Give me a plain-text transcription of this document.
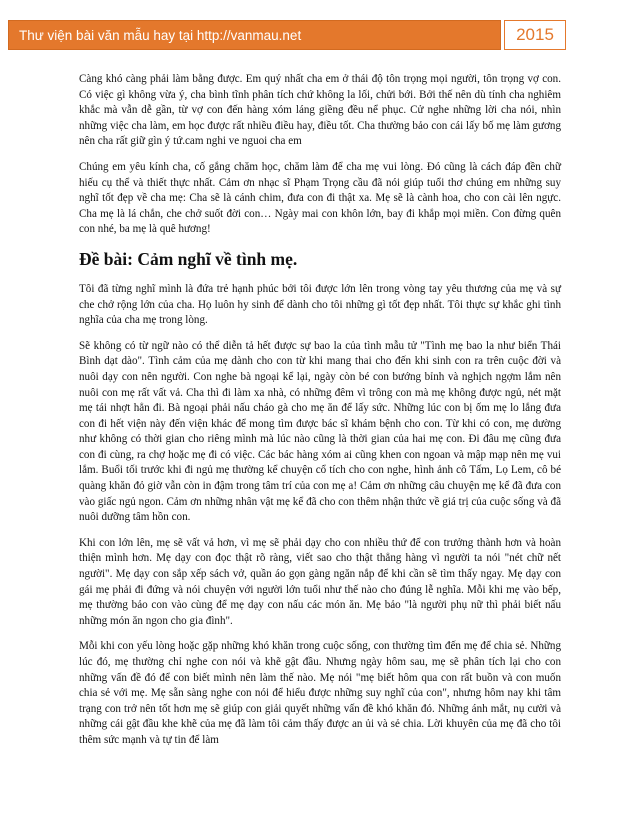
Thư viện bài văn mẫu hay tại http://vanmau.net	2015

Càng khó càng phải làm bằng được. Em quý nhất cha em ở thái độ tôn trọng mọi người, tôn trọng vợ con. Có việc gì không vừa ý, cha bình tĩnh phân tích chứ không la lối, chửi bới. Bởi thế nên dù tính cha nghiêm khắc mà vẫn dễ gần, từ vợ con đến hàng xóm láng giềng đều nể phục. Cử nghe những lời cha nói, nhìn những việc cha làm, em học được rất nhiều điều hay, điều tốt. Cha thường bảo con cái lấy bố mẹ làm gương nên cha rất giữ gìn ý tứ.cam nghi ve nguoi cha em

Chúng em yêu kính cha, cố gắng chăm học, chăm làm để cha mẹ vui lòng. Đó cũng là cách đáp đền chữ hiếu cụ thể và thiết thực nhất. Cảm ơn nhạc sĩ Phạm Trọng cầu đã nói giúp tuổi thơ chúng em những suy nghĩ tốt đẹp về cha mẹ: Cha sẽ là cánh chim, đưa con đi thật xa. Mẹ sẽ là cành hoa, cho con cài lên ngực. Cha mẹ là lá chắn, che chở suốt đời con… Ngày mai con khôn lớn, bay đi khắp mọi miền. Con đừng quên con nhé, ba mẹ là quê hương!

Đề bài: Cảm nghĩ về tình mẹ.

Tôi đã từng nghĩ mình là đứa trẻ hạnh phúc bởi tôi được lớn lên trong vòng tay yêu thương của mẹ và sự che chở rộng lớn của cha. Họ luôn hy sinh để dành cho tôi những gì tốt đẹp nhất. Tôi thực sự khắc ghi tình nghĩa của cha mẹ trong lòng.

Sẽ không có từ ngữ nào có thể diễn tả hết được sự bao la của tình mẫu tử "Tình mẹ bao la như biển Thái Bình dạt dào". Tình cảm của mẹ dành cho con từ khi mang thai cho đến khi sinh con ra trên cuộc đời và nuôi dạy con nên người. Con nghe bà ngoại kể lại, ngày còn bé con bướng bỉnh và nghịch ngợm lắm nên nuôi con mẹ rất vất vả. Cha thì đi làm xa nhà, có những đêm vì trông con mà mẹ không được ngủ, nét mặt mẹ tái nhợt hẳn đi. Bà ngoại phải nấu cháo gà cho mẹ ăn để lấy sức. Những lúc con bị ốm mẹ lo lắng đưa con đi hết viện này đến viện khác để mong tìm được bác sĩ khám bệnh cho con. Từ khi có con, mẹ dường như không có thời gian cho riêng mình mà lúc nào cũng là thời gian của hai mẹ con. Đi đâu mẹ cũng đưa con đi cùng, ra chợ hoặc mẹ đi có việc. Các bác hàng xóm ai cũng khen con ngoan và mập mạp nên mẹ vui lắm. Buổi tối trước khi đi ngủ mẹ thường kể chuyện cổ tích cho con nghe, hình ảnh cô Tấm, Lọ Lem, cô bé quàng khăn đỏ giờ vẫn còn in đậm trong tâm trí của con mẹ a! Cảm ơn những câu chuyện mẹ kể đã đưa con vào giấc ngủ ngon. Cảm ơn những nhân vật mẹ kể đã cho con thêm nhận thức về giá trị của cuộc sống và đã nuôi dưỡng tâm hồn con.

Khi con lớn lên, mẹ sẽ vất vả hơn, vì mẹ sẽ phải dạy cho con nhiều thứ để con trưởng thành hơn và hoàn thiện mình hơn. Mẹ dạy con đọc thật rõ ràng, viết sao cho thật thẳng hàng vì người ta nói "nét chữ nết người". Mẹ dạy con sắp xếp sách vở, quần áo gọn gàng ngăn nắp để khi cần sẽ tìm thấy ngay. Mẹ dạy con gái mẹ phải đi đứng và nói chuyện với người lớn tuổi như thế nào cho đúng lễ nghĩa. Mỗi khi mẹ vào bếp, mẹ thường bảo con vào cùng để mẹ dạy con nấu các món ăn. Mẹ bảo "là người phụ nữ thì phải biết nấu những món ăn ngon cho gia đình".

Mỗi khi con yếu lòng hoặc gặp những khó khăn trong cuộc sống, con thường tìm đến mẹ để chia sẻ. Những lúc đó, mẹ thường chỉ nghe con nói và khẽ gật đầu. Nhưng ngày hôm sau, mẹ sẽ phân tích lại cho con những vấn đề đó để con biết mình nên làm thế nào. Mẹ nói "mẹ biết hôm qua con rất buồn và con muốn chia sẻ với mẹ. Mẹ sẵn sàng nghe con nói để hiểu được những suy nghĩ của con", nhưng hôm nay khi tâm trạng con trở nên tốt hơn mẹ sẽ giúp con giải quyết những vấn đề khó khăn đó. Những ánh mắt, nụ cười và những cái gật đầu khe khẽ của mẹ đã làm tôi cảm thấy được an ủi và sẻ chia. Lời khuyên của mẹ đã cho tôi thêm sức mạnh và tự tin để làm
